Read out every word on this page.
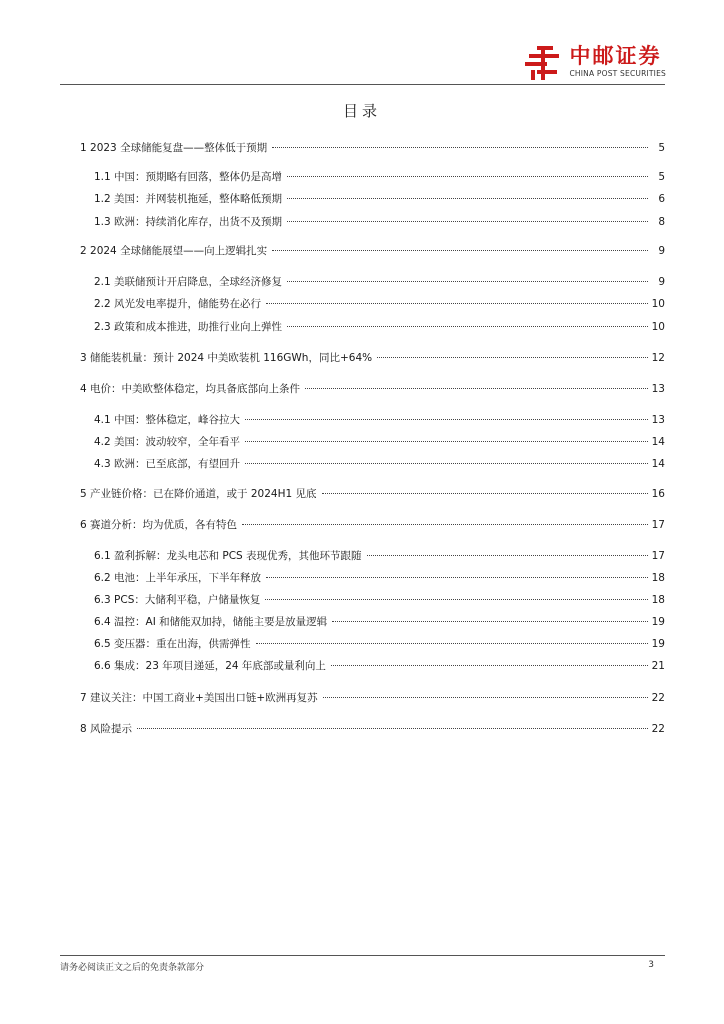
中邮证券
CHINA POST SECURITIES
目录
1 2023 全球储能复盘——整体低于预期	5
1.1 中国：预期略有回落，整体仍是高增	5
1.2 美国：并网装机拖延，整体略低预期	6
1.3 欧洲：持续消化库存，出货不及预期	8
2 2024 全球储能展望——向上逻辑扎实	9
2.1 美联储预计开启降息，全球经济修复	9
2.2 风光发电率提升，储能势在必行	10
2.3 政策和成本推进，助推行业向上弹性	10
3 储能装机量：预计 2024 中美欧装机 116GWh，同比+64%	12
4 电价：中美欧整体稳定，均具备底部向上条件	13
4.1 中国：整体稳定，峰谷拉大	13
4.2 美国：波动较窄，全年看平	14
4.3 欧洲：已至底部，有望回升	14
5 产业链价格：已在降价通道，或于 2024H1 见底	16
6 赛道分析：均为优质，各有特色	17
6.1 盈利拆解：龙头电芯和 PCS 表现优秀，其他环节跟随	17
6.2 电池：上半年承压，下半年释放	18
6.3 PCS：大储利平稳，户储量恢复	18
6.4 温控：AI 和储能双加持，储能主要是放量逻辑	19
6.5 变压器：重在出海，供需弹性	19
6.6 集成：23 年项目递延，24 年底部或量利向上	21
7 建议关注：中国工商业+美国出口链+欧洲再复苏	22
8 风险提示	22
请务必阅读正文之后的免责条款部分	3
